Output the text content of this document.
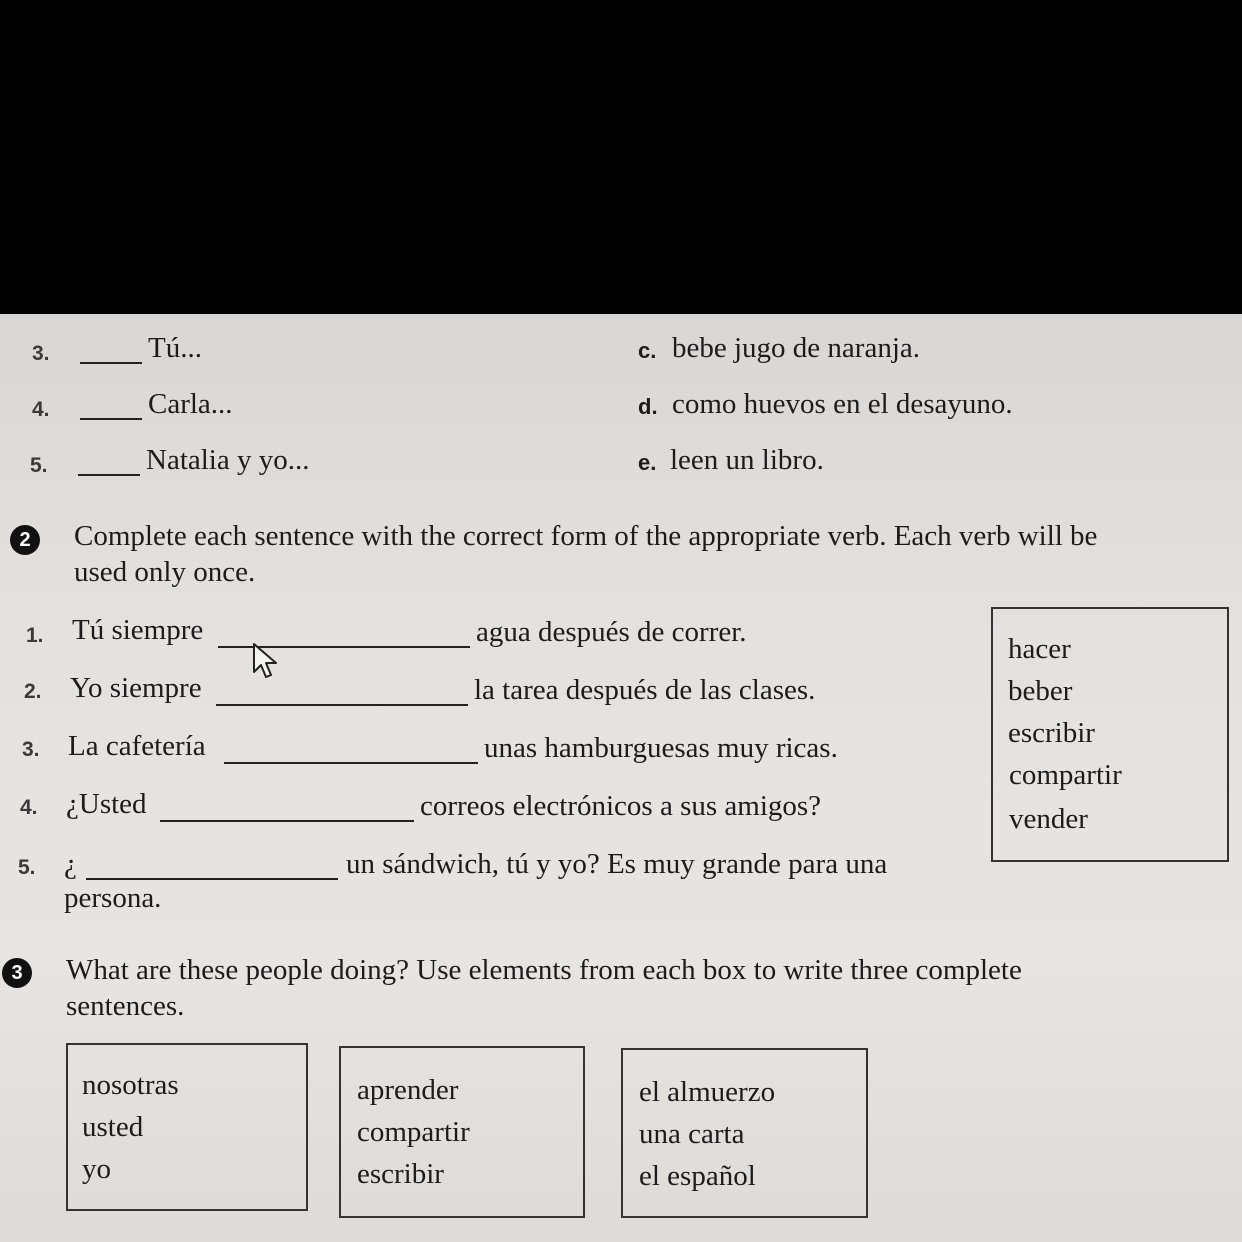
3.	Tú...	c. bebe jugo de naranja.
4.	Carla...	d. como huevos en el desayuno.
5.	Natalia y yo...	e. leen un libro.
2	Complete each sentence with the correct form of the appropriate verb. Each verb will be
used only once.
1. Tú siempre	agua después de correr.
2. Yo siempre	la tarea después de las clases.
3. La cafetería	unas hamburguesas muy ricas.
4. ¿Usted	correos electrónicos a sus amigos?
5. ¿	un sándwich, tú y yo? Es muy grande para una
persona.
hacer
beber
escribir
compartir
vender
3	What are these people doing? Use elements from each box to write three complete
sentences.
nosotras
usted
yo
aprender
compartir
escribir
el almuerzo
una carta
el español
